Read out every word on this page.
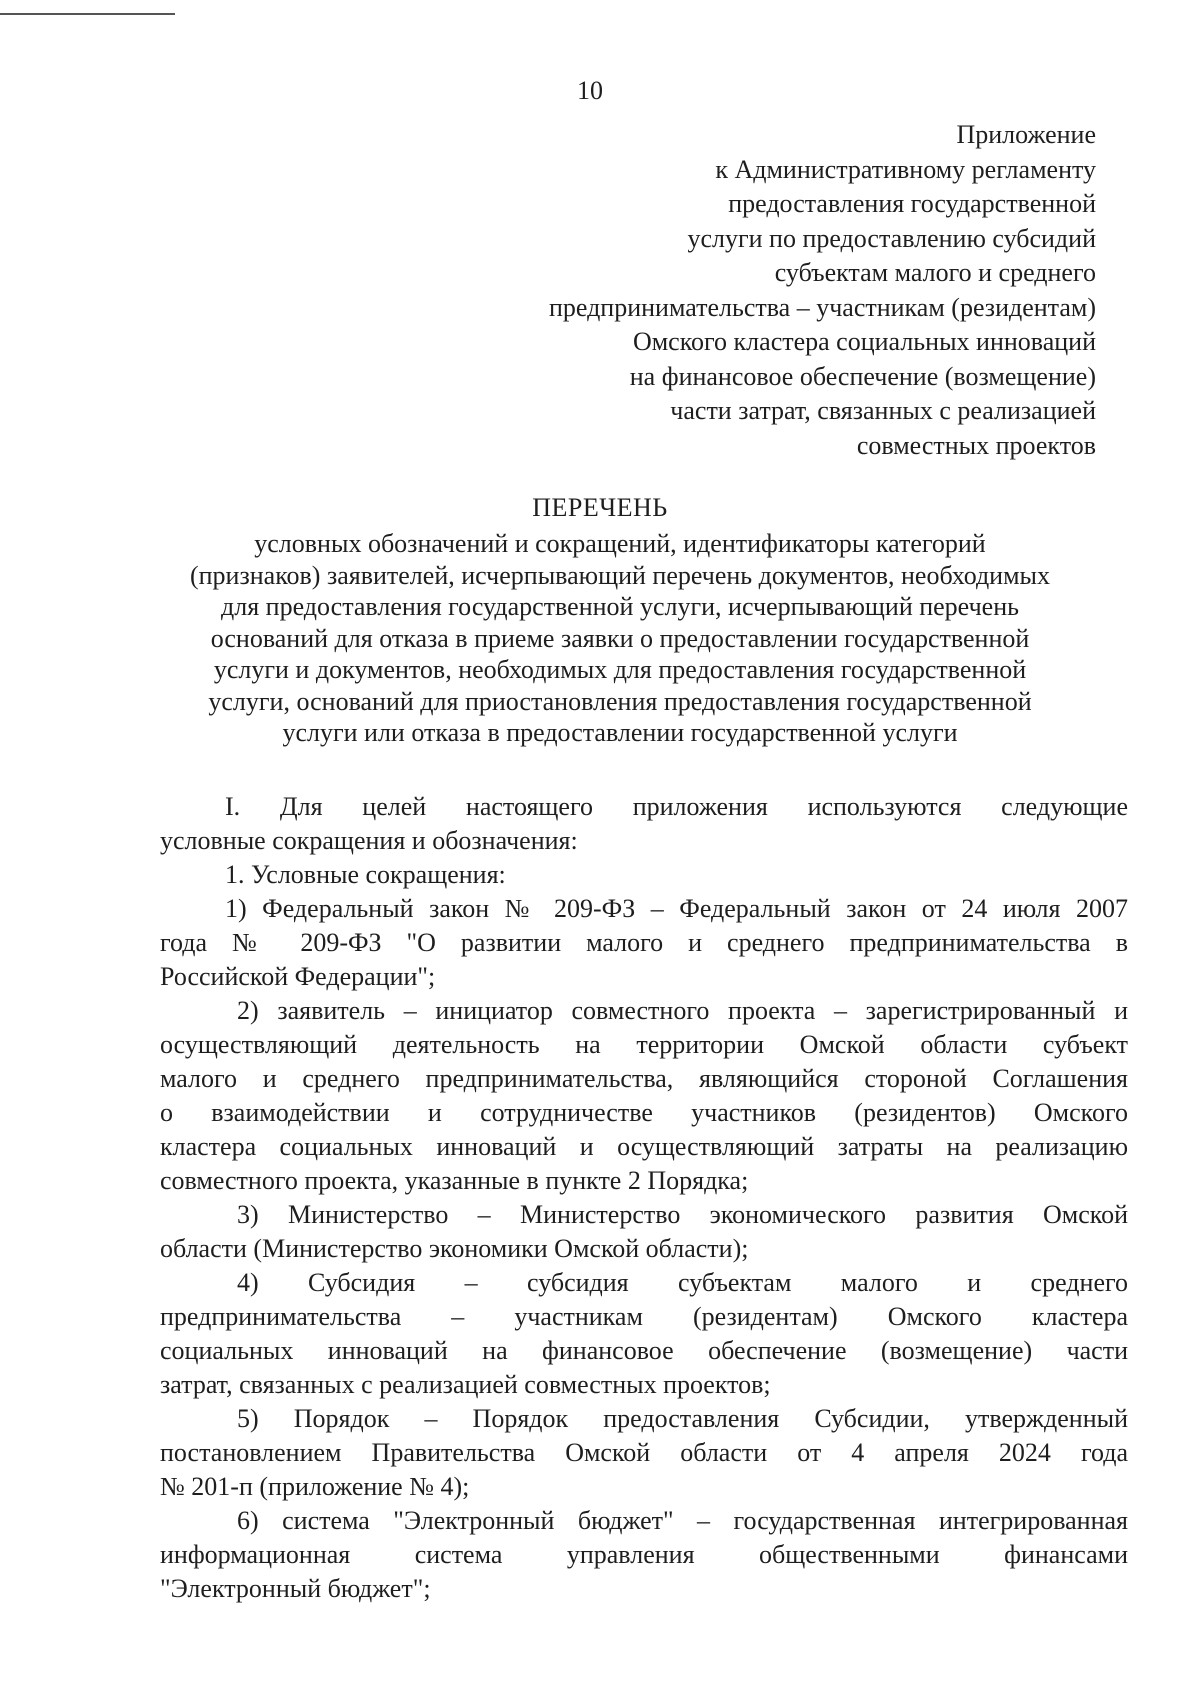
10
Приложение
к Административному регламенту
предоставления государственной
услуги по предоставлению субсидий
субъектам малого и среднего
предпринимательства – участникам (резидентам)
Омского кластера социальных инноваций
на финансовое обеспечение (возмещение)
части затрат, связанных с реализацией
совместных проектов
ПЕРЕЧЕНЬ
условных обозначений и сокращений, идентификаторы категорий
(признаков) заявителей, исчерпывающий перечень документов, необходимых
для предоставления государственной услуги, исчерпывающий перечень
оснований для отказа в приеме заявки о предоставлении государственной
услуги и документов, необходимых для предоставления государственной
услуги, оснований для приостановления предоставления государственной
услуги или отказа в предоставлении государственной услуги
I. Для целей настоящего приложения используются следующие
условные сокращения и обозначения:
1. Условные сокращения:
1) Федеральный закон № 209-ФЗ – Федеральный закон от 24 июля 2007
года № 209-ФЗ "О развитии малого и среднего предпринимательства в
Российской Федерации";
2) заявитель – инициатор совместного проекта – зарегистрированный и
осуществляющий деятельность на территории Омской области субъект
малого и среднего предпринимательства, являющийся стороной Соглашения
о взаимодействии и сотрудничестве участников (резидентов) Омского
кластера социальных инноваций и осуществляющий затраты на реализацию
совместного проекта, указанные в пункте 2 Порядка;
3) Министерство – Министерство экономического развития Омской
области (Министерство экономики Омской области);
4) Субсидия – субсидия субъектам малого и среднего
предпринимательства – участникам (резидентам) Омского кластера
социальных инноваций на финансовое обеспечение (возмещение) части
затрат, связанных с реализацией совместных проектов;
5) Порядок – Порядок предоставления Субсидии, утвержденный
постановлением Правительства Омской области от 4 апреля 2024 года
№ 201-п (приложение № 4);
6) система "Электронный бюджет" – государственная интегрированная
информационная система управления общественными финансами
"Электронный бюджет";
